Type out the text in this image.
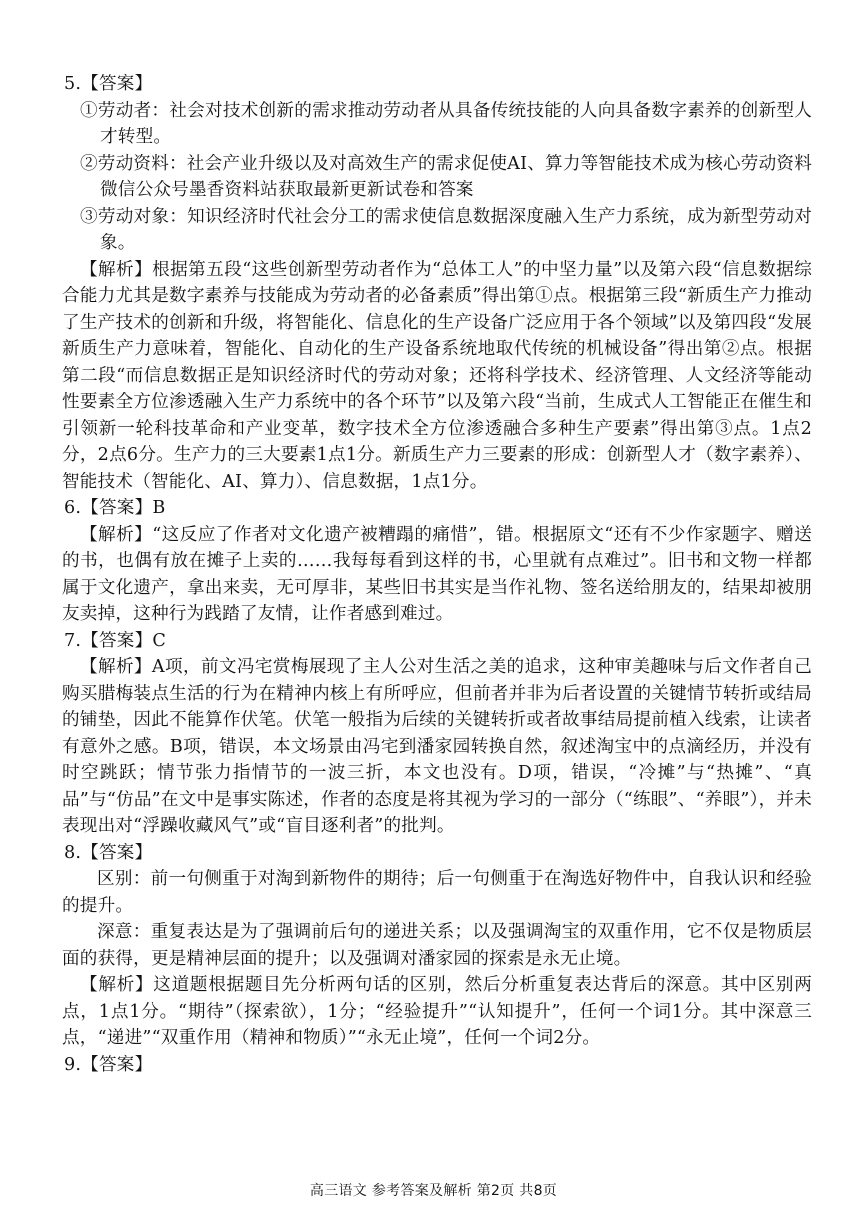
5.【答案】

①劳动者：社会对技术创新的需求推动劳动者从具备传统技能的人向具备数字素养的创新型人才转型。

②劳动资料：社会产业升级以及对高效生产的需求促使AI、算力等智能技术成为核心劳动资料微信公众号墨香资料站获取最新更新试卷和答案

③劳动对象：知识经济时代社会分工的需求使信息数据深度融入生产力系统，成为新型劳动对象。

【解析】根据第五段“这些创新型劳动者作为“总体工人”的中坚力量”以及第六段“信息数据综合能力尤其是数字素养与技能成为劳动者的必备素质”得出第①点。根据第三段“新质生产力推动了生产技术的创新和升级，将智能化、信息化的生产设备广泛应用于各个领域”以及第四段“发展新质生产力意味着，智能化、自动化的生产设备系统地取代传统的机械设备”得出第②点。根据第二段“而信息数据正是知识经济时代的劳动对象；还将科学技术、经济管理、人文经济等能动性要素全方位渗透融入生产力系统中的各个环节”以及第六段“当前，生成式人工智能正在催生和引领新一轮科技革命和产业变革，数字技术全方位渗透融合多种生产要素”得出第③点。1点2分，2点6分。生产力的三大要素1点1分。新质生产力三要素的形成：创新型人才（数字素养）、智能技术（智能化、AI、算力）、信息数据，1点1分。

6.【答案】B

【解析】“这反应了作者对文化遗产被糟蹋的痛惜”，错。根据原文“还有不少作家题字、赠送的书，也偶有放在摊子上卖的……我每每看到这样的书，心里就有点难过”。旧书和文物一样都属于文化遗产，拿出来卖，无可厚非，某些旧书其实是当作礼物、签名送给朋友的，结果却被朋友卖掉，这种行为践踏了友情，让作者感到难过。

7.【答案】C

【解析】A项，前文冯宅赏梅展现了主人公对生活之美的追求，这种审美趣味与后文作者自己购买腊梅装点生活的行为在精神内核上有所呼应，但前者并非为后者设置的关键情节转折或结局的铺垫，因此不能算作伏笔。伏笔一般指为后续的关键转折或者故事结局提前植入线索，让读者有意外之感。B项，错误，本文场景由冯宅到潘家园转换自然，叙述淘宝中的点滴经历，并没有时空跳跃；情节张力指情节的一波三折，本文也没有。D项，错误，“冷摊”与“热摊”、“真品”与“仿品”在文中是事实陈述，作者的态度是将其视为学习的一部分（“练眼”、“养眼”），并未表现出对“浮躁收藏风气”或“盲目逐利者”的批判。

8.【答案】

区别：前一句侧重于对淘到新物件的期待；后一句侧重于在淘选好物件中，自我认识和经验的提升。

深意：重复表达是为了强调前后句的递进关系；以及强调淘宝的双重作用，它不仅是物质层面的获得，更是精神层面的提升；以及强调对潘家园的探索是永无止境。

【解析】这道题根据题目先分析两句话的区别，然后分析重复表达背后的深意。其中区别两点，1点1分。“期待”（探索欲），1分；“经验提升”“认知提升”，任何一个词1分。其中深意三点，“递进”“双重作用（精神和物质）”“永无止境”，任何一个词2分。

9.【答案】

高三语文 参考答案及解析 第2页 共8页
